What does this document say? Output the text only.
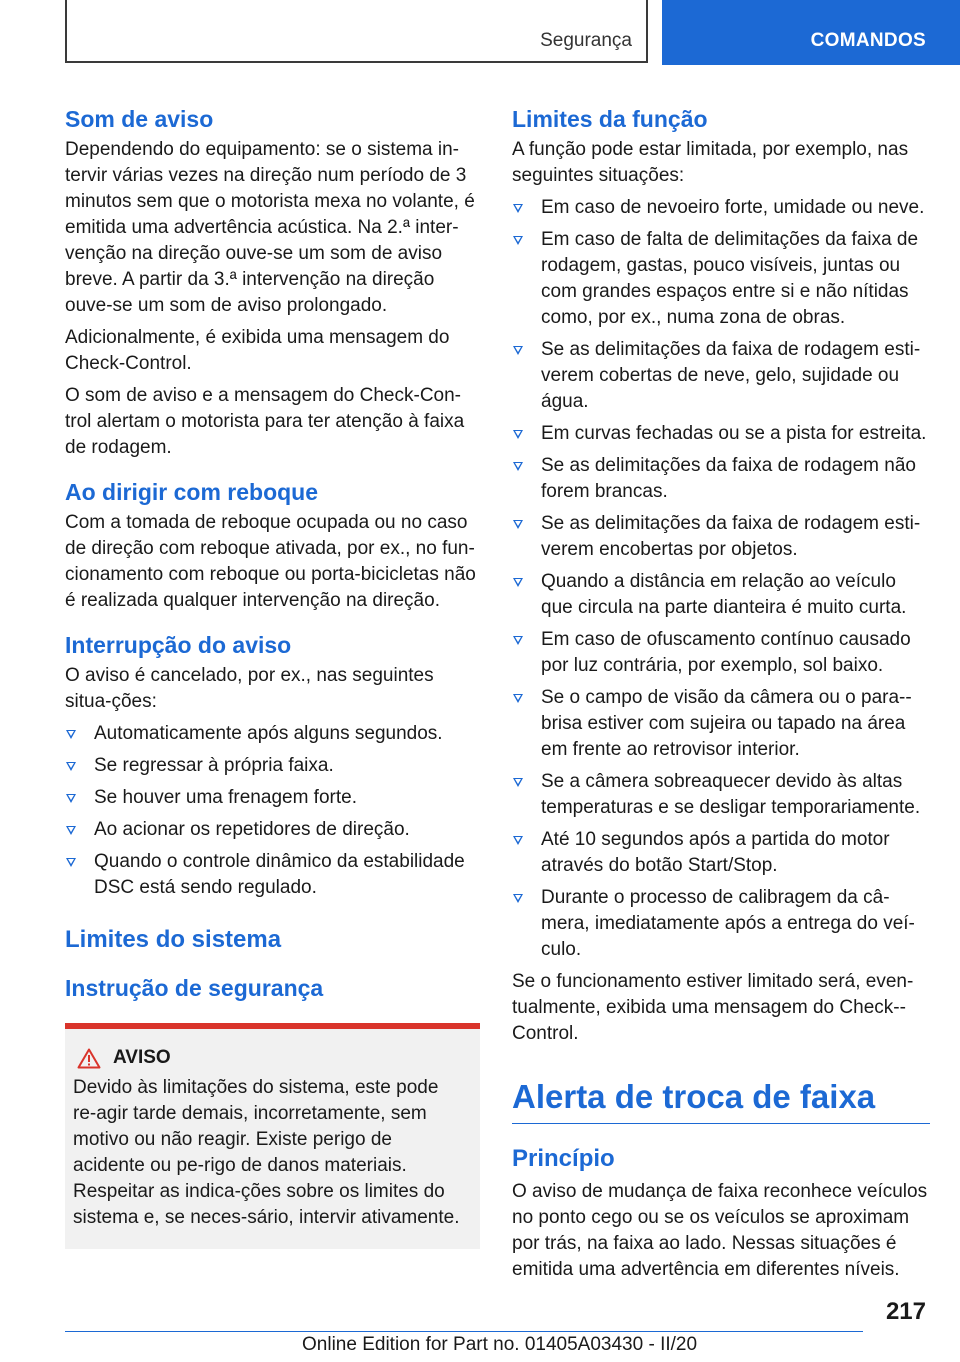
Segurança	COMANDOS
Som de aviso

Dependendo do equipamento: se o sistema in-tervir várias vezes na direção num período de 3 minutos sem que o motorista mexa no volante, é emitida uma advertência acústica. Na 2.ª inter-venção na direção ouve-se um som de aviso breve. A partir da 3.ª intervenção na direção ouve-se um som de aviso prolongado.

Adicionalmente, é exibida uma mensagem do Check-Control.

O som de aviso e a mensagem do Check-Con-trol alertam o motorista para ter atenção à faixa de rodagem.

Ao dirigir com reboque

Com a tomada de reboque ocupada ou no caso de direção com reboque ativada, por ex., no fun-cionamento com reboque ou porta-bicicletas não é realizada qualquer intervenção na direção.

Interrupção do aviso

O aviso é cancelado, por ex., nas seguintes situa-ções:

Automaticamente após alguns segundos.
Se regressar à própria faixa.
Se houver uma frenagem forte.
Ao acionar os repetidores de direção.
Quando o controle dinâmico da estabilidade DSC está sendo regulado.
Limites do sistema
Instrução de segurança
AVISO

Devido às limitações do sistema, este pode re-agir tarde demais, incorretamente, sem motivo ou não reagir. Existe perigo de acidente ou pe-rigo de danos materiais. Respeitar as indica-ções sobre os limites do sistema e, se neces-sário, intervir ativamente.

Limites da função

A função pode estar limitada, por exemplo, nas seguintes situações:

Em caso de nevoeiro forte, umidade ou neve.
Em caso de falta de delimitações da faixa de rodagem, gastas, pouco visíveis, juntas ou com grandes espaços entre si e não nítidas como, por ex., numa zona de obras.
Se as delimitações da faixa de rodagem esti-verem cobertas de neve, gelo, sujidade ou água.
Em curvas fechadas ou se a pista for estreita.
Se as delimitações da faixa de rodagem não forem brancas.
Se as delimitações da faixa de rodagem esti-verem encobertas por objetos.
Quando a distância em relação ao veículo que circula na parte dianteira é muito curta.
Em caso de ofuscamento contínuo causado por luz contrária, por exemplo, sol baixo.
Se o campo de visão da câmera ou o para--brisa estiver com sujeira ou tapado na área em frente ao retrovisor interior.
Se a câmera sobreaquecer devido às altas temperaturas e se desligar temporariamente.
Até 10 segundos após a partida do motor através do botão Start/Stop.
Durante o processo de calibragem da câ-mera, imediatamente após a entrega do veí-culo.

Se o funcionamento estiver limitado será, even-tualmente, exibida uma mensagem do Check--Control.

Alerta de troca de faixa
Princípio

O aviso de mudança de faixa reconhece veículos no ponto cego ou se os veículos se aproximam por trás, na faixa ao lado. Nessas situações é emitida uma advertência em diferentes níveis.

217
Online Edition for Part no. 01405A03430 - II/20
